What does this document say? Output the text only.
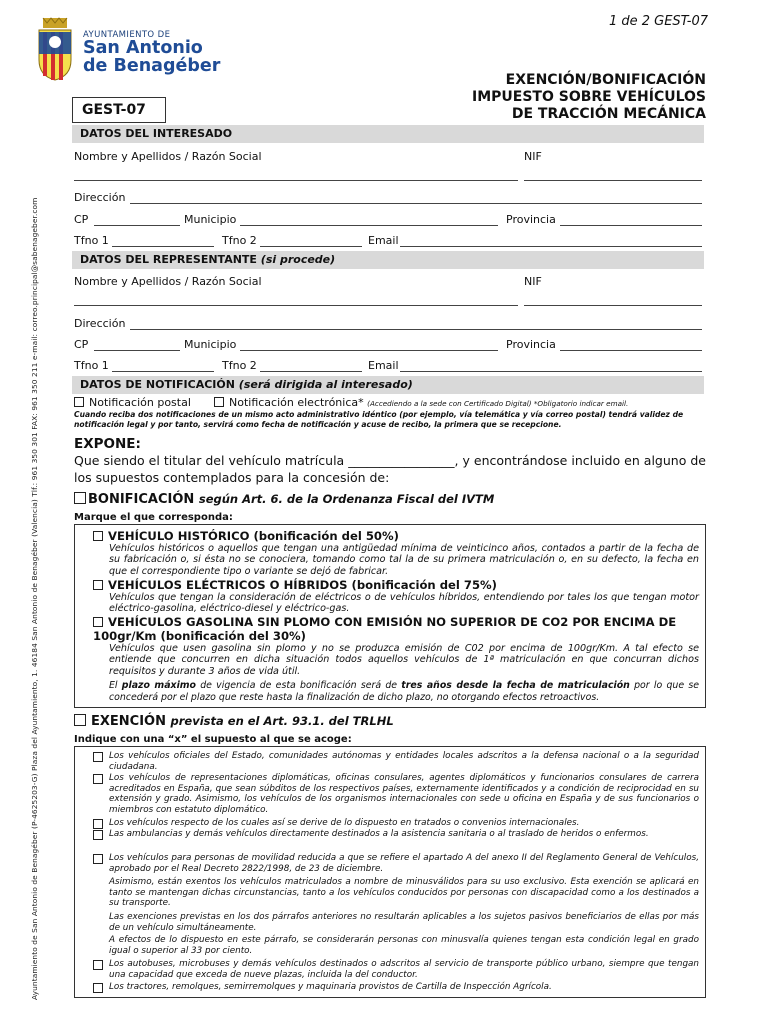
Ayuntamiento de San Antonio de Benagéber (P-4625203-G) Plaza del Ayuntamiento, 1. 46184 San Antonio de Benagéber (Valencia) Tlf.: 961 350 301 FAX: 961 350 211 e-mail: correo.principal@sabenageber.com
1 de 2 GEST-07
AYUNTAMIENTO DE
San Antonio
de Benagéber
EXENCIÓN/BONIFICACIÓN
IMPUESTO SOBRE VEHÍCULOS
DE TRACCIÓN MECÁNICA
GEST-07
DATOS DEL INTERESADO
Nombre y Apellidos / Razón Social	NIF
Dirección
CP	Municipio	Provincia
Tfno 1	Tfno 2	Email
DATOS DEL REPRESENTANTE (si procede)
Nombre y Apellidos / Razón Social	NIF
Dirección
CP	Municipio	Provincia
Tfno 1	Tfno 2	Email
DATOS DE NOTIFICACIÓN (será dirigida al interesado)
Notificación postal	Notificación electrónica* (Accediendo a la sede con Certificado Digital) *Obligatorio indicar email.
Cuando reciba dos notificaciones de un mismo acto administrativo idéntico (por ejemplo, vía telemática y vía correo postal) tendrá validez de notificación legal y por tanto, servirá como fecha de notificación y acuse de recibo, la primera que se recepcione.
EXPONE:
Que siendo el titular del vehículo matrícula _________________, y encontrándose incluido en alguno de los supuestos contemplados para la concesión de:
BONIFICACIÓN según Art. 6. de la Ordenanza Fiscal del IVTM
Marque el que corresponda:
VEHÍCULO HISTÓRICO (bonificación del 50%)
Vehículos históricos o aquellos que tengan una antigüedad mínima de veinticinco años, contados a partir de la fecha de su fabricación o, si ésta no se conociera, tomando como tal la de su primera matriculación o, en su defecto, la fecha en que el correspondiente tipo o variante se dejó de fabricar.
VEHÍCULOS ELÉCTRICOS O HÍBRIDOS (bonificación del 75%)
Vehículos que tengan la consideración de eléctricos o de vehículos híbridos, entendiendo por tales los que tengan motor eléctrico-gasolina, eléctrico-diesel y eléctrico-gas.
VEHÍCULOS GASOLINA SIN PLOMO CON EMISIÓN NO SUPERIOR DE CO2 POR ENCIMA DE 100gr/Km (bonificación del 30%)
Vehículos que usen gasolina sin plomo y no se produzca emisión de C02 por encima de 100gr/Km. A tal efecto se entiende que concurren en dicha situación todos aquellos vehículos de 1ª matriculación en que concurran dichos requisitos y durante 3 años de vida útil.
El plazo máximo de vigencia de esta bonificación será de tres años desde la fecha de matriculación por lo que se concederá por el plazo que reste hasta la finalización de dicho plazo, no otorgando efectos retroactivos.
EXENCIÓN prevista en el Art. 93.1. del TRLHL
Indique con una “x” el supuesto al que se acoge:
Los vehículos oficiales del Estado, comunidades autónomas y entidades locales adscritos a la defensa nacional o a la seguridad ciudadana.
Los vehículos de representaciones diplomáticas, oficinas consulares, agentes diplomáticos y funcionarios consulares de carrera acreditados en España, que sean súbditos de los respectivos países, externamente identificados y a condición de reciprocidad en su extensión y grado. Asimismo, los vehículos de los organismos internacionales con sede u oficina en España y de sus funcionarios o miembros con estatuto diplomático.
Los vehículos respecto de los cuales así se derive de lo dispuesto en tratados o convenios internacionales.
Las ambulancias y demás vehículos directamente destinados a la asistencia sanitaria o al traslado de heridos o enfermos.
Los vehículos para personas de movilidad reducida a que se refiere el apartado A del anexo II del Reglamento General de Vehículos, aprobado por el Real Decreto 2822/1998, de 23 de diciembre.
Asimismo, están exentos los vehículos matriculados a nombre de minusválidos para su uso exclusivo. Esta exención se aplicará en tanto se mantengan dichas circunstancias, tanto a los vehículos conducidos por personas con discapacidad como a los destinados a su transporte.
Las exenciones previstas en los dos párrafos anteriores no resultarán aplicables a los sujetos pasivos beneficiarios de ellas por más de un vehículo simultáneamente.
A efectos de lo dispuesto en este párrafo, se considerarán personas con minusvalía quienes tengan esta condición legal en grado igual o superior al 33 por ciento.
Los autobuses, microbuses y demás vehículos destinados o adscritos al servicio de transporte público urbano, siempre que tengan una capacidad que exceda de nueve plazas, incluida la del conductor.
Los tractores, remolques, semirremolques y maquinaria provistos de Cartilla de Inspección Agrícola.
